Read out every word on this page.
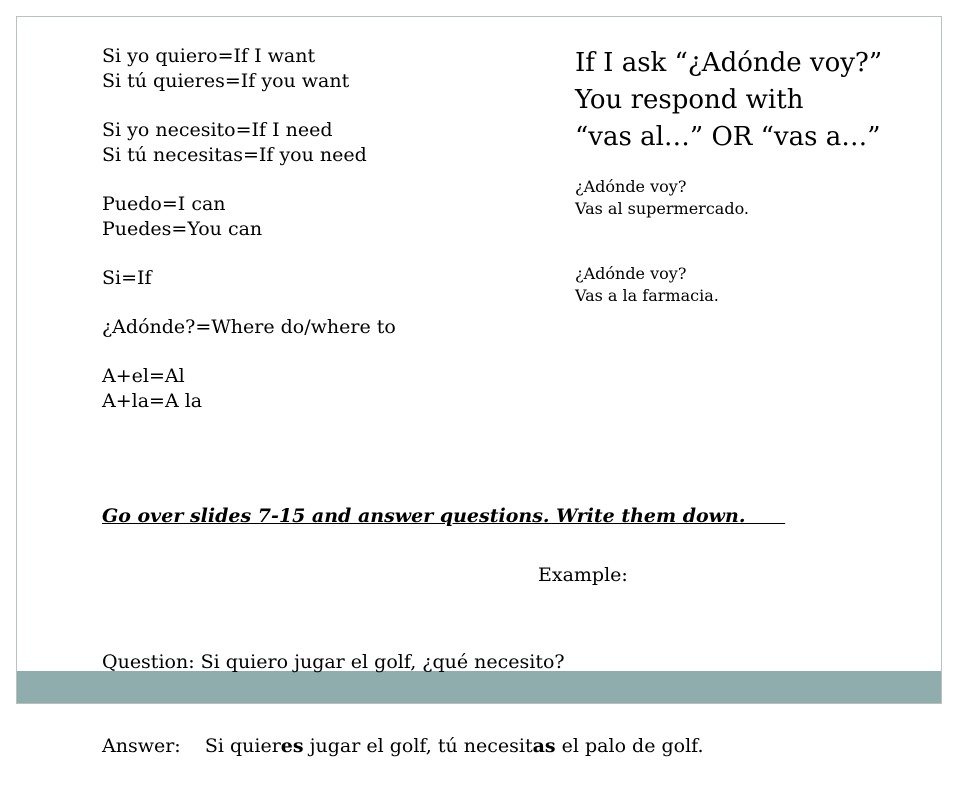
Si yo quiero=If I want
Si tú quieres=If you want
Si yo necesito=If I need
Si tú necesitas=If you need
Puedo=I can
Puedes=You can
Si=If
¿Adónde?=Where do/where to
A+el=Al
A+la=A la
If I ask “¿Adónde voy?”
You respond with
“vas al…” OR “vas a…”
¿Adónde voy?
Vas al supermercado.
¿Adónde voy?
Vas a la farmacia.
Go over slides 7-15 and answer questions. Write them down.
Example:

Question: Si quiero jugar el golf, ¿qué necesito?

Answer:    Si quieres jugar el golf, tú necesitas el palo de golf.
